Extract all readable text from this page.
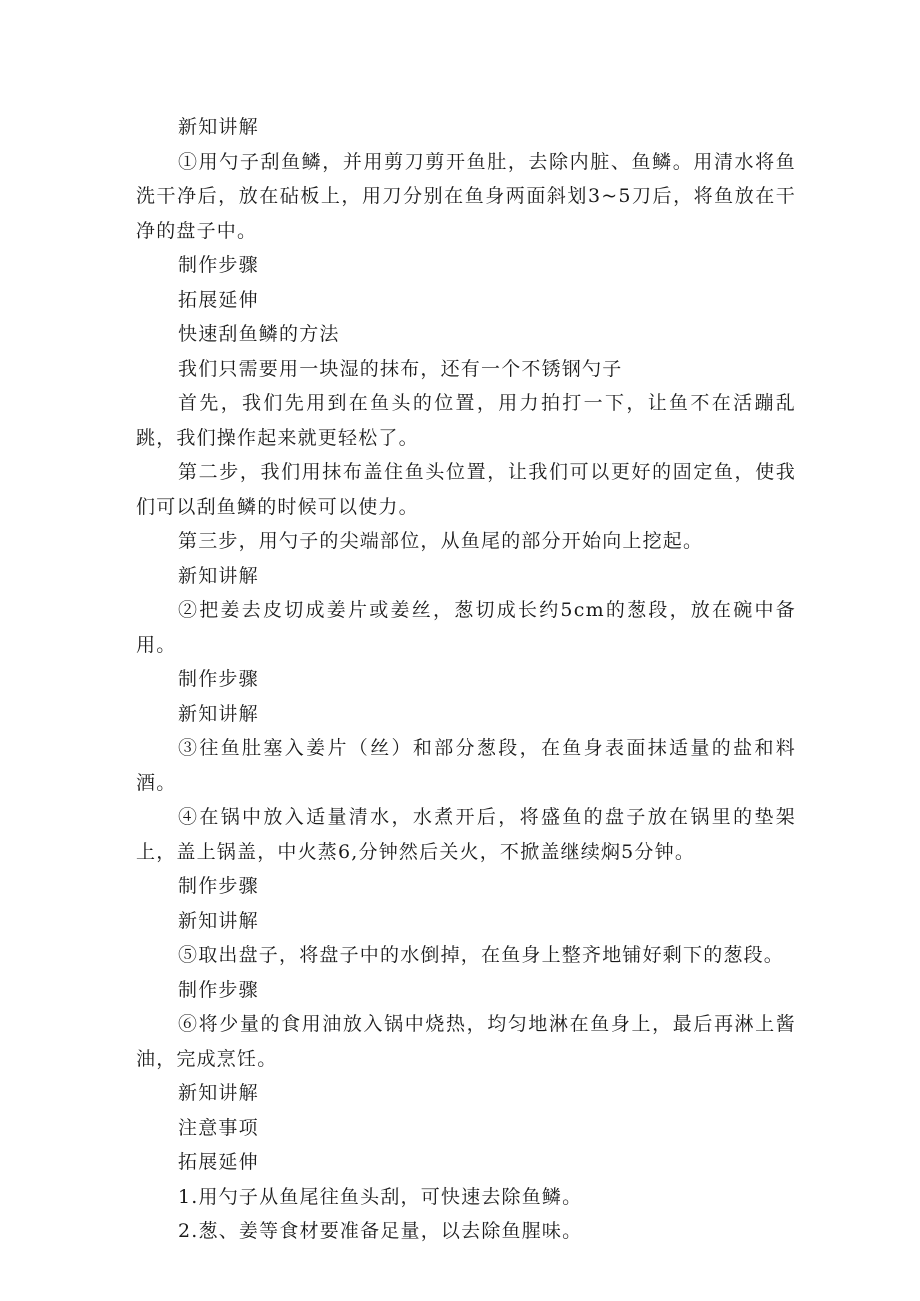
新知讲解
①用勺子刮鱼鳞，并用剪刀剪开鱼肚，去除内脏、鱼鳞。用清水将鱼洗干净后，放在砧板上，用刀分别在鱼身两面斜划3~5刀后，将鱼放在干净的盘子中。
制作步骤
拓展延伸
快速刮鱼鳞的方法
我们只需要用一块湿的抹布，还有一个不锈钢勺子
首先，我们先用到在鱼头的位置，用力拍打一下，让鱼不在活蹦乱跳，我们操作起来就更轻松了。
第二步，我们用抹布盖住鱼头位置，让我们可以更好的固定鱼，使我们可以刮鱼鳞的时候可以使力。
第三步，用勺子的尖端部位，从鱼尾的部分开始向上挖起。
新知讲解
②把姜去皮切成姜片或姜丝，葱切成长约5cm的葱段，放在碗中备用。
制作步骤
新知讲解
③往鱼肚塞入姜片（丝）和部分葱段，在鱼身表面抹适量的盐和料酒。
④在锅中放入适量清水，水煮开后，将盛鱼的盘子放在锅里的垫架上，盖上锅盖，中火蒸6,分钟然后关火，不掀盖继续焖5分钟。
制作步骤
新知讲解
⑤取出盘子，将盘子中的水倒掉，在鱼身上整齐地铺好剩下的葱段。
制作步骤
⑥将少量的食用油放入锅中烧热，均匀地淋在鱼身上，最后再淋上酱油，完成烹饪。
新知讲解
注意事项
拓展延伸
1.用勺子从鱼尾往鱼头刮，可快速去除鱼鳞。
2.葱、姜等食材要准备足量，以去除鱼腥味。
